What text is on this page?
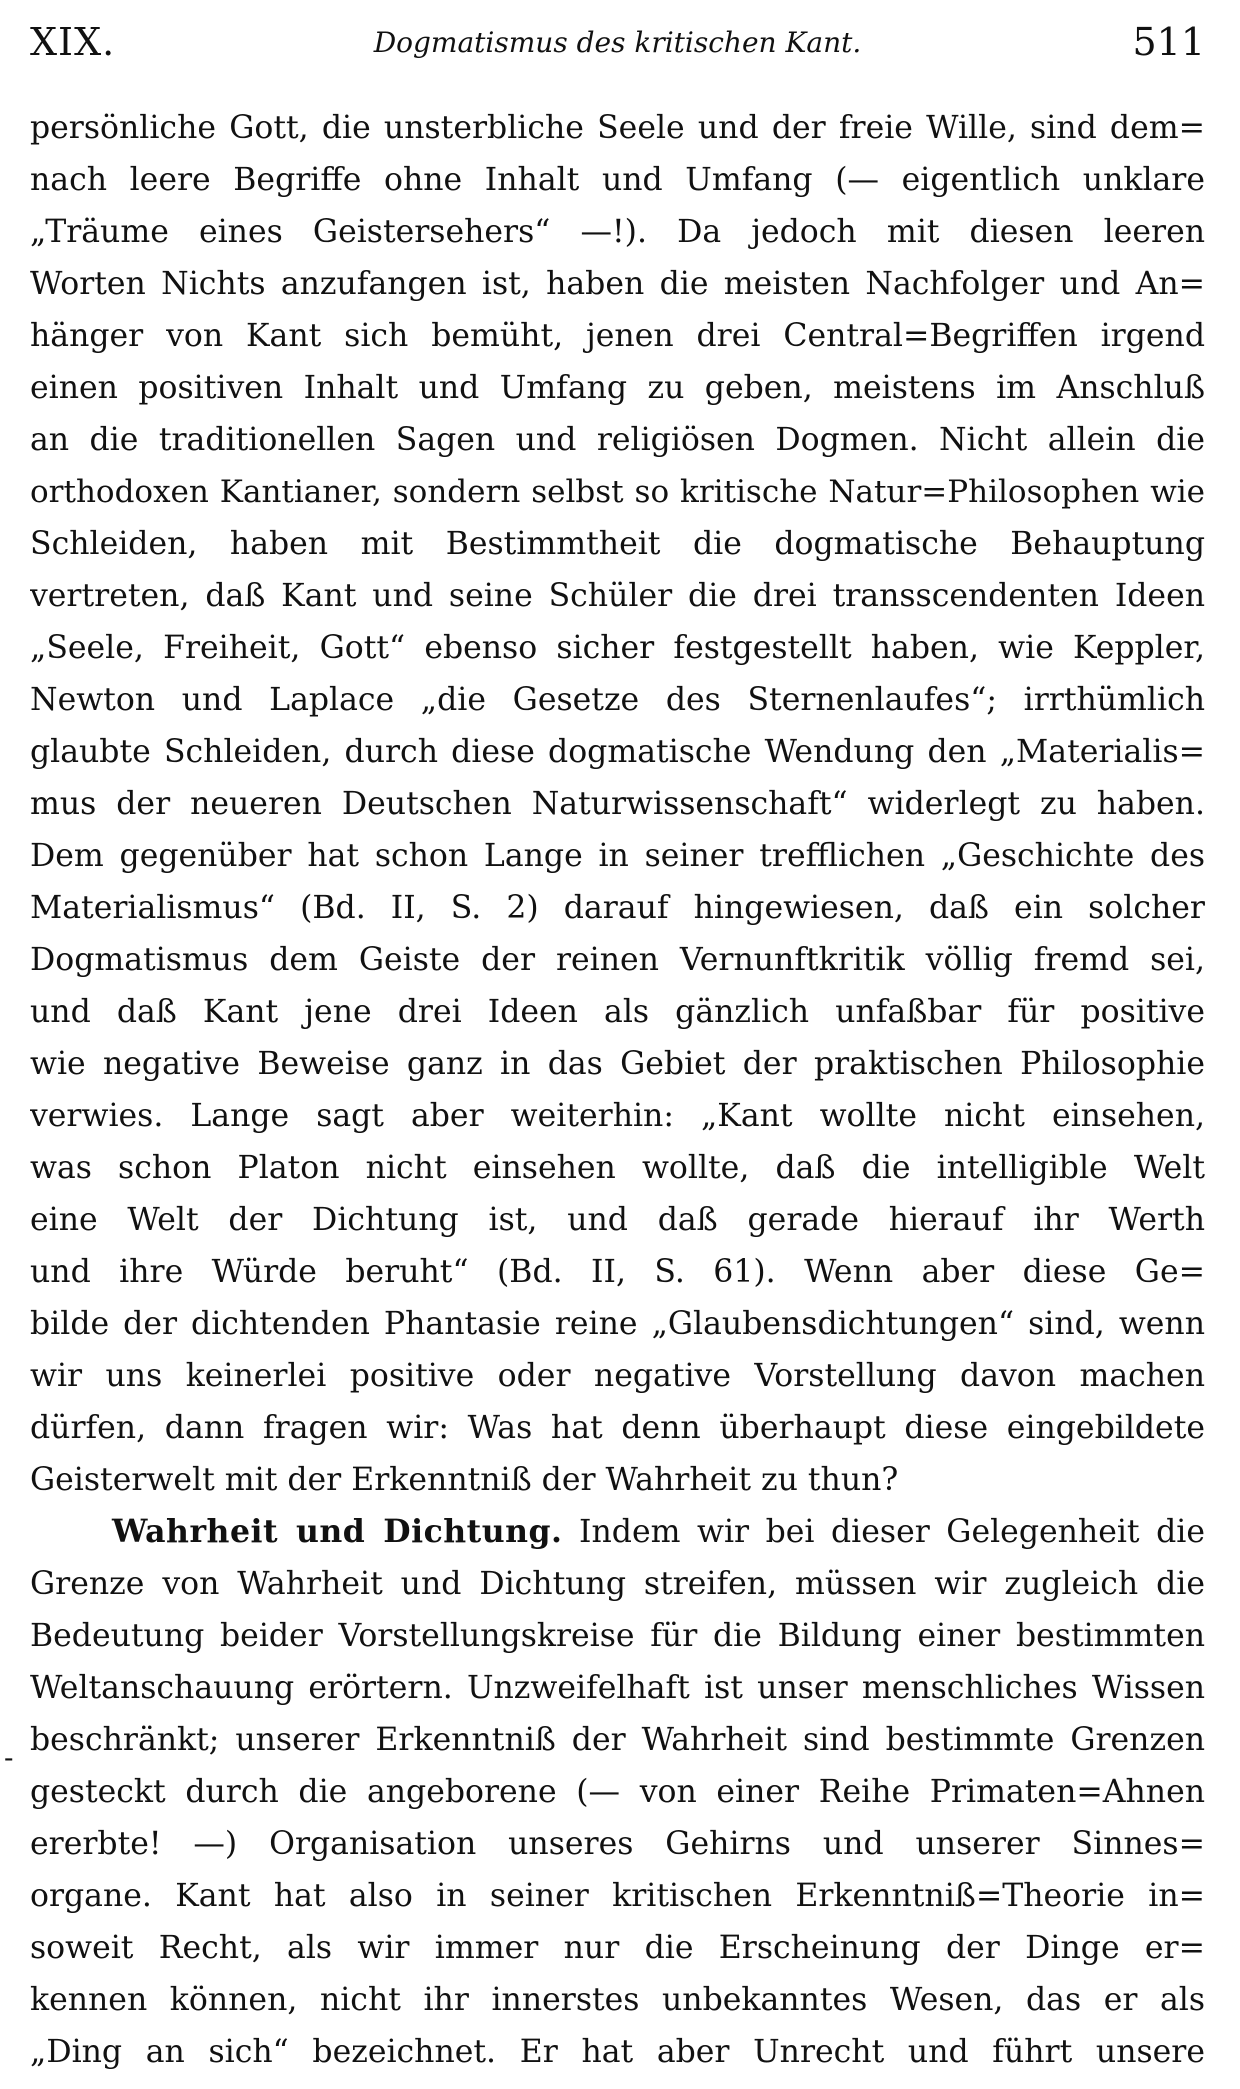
XIX.	Dogmatismus des kritischen Kant.	511
-
persönliche Gott, die unsterbliche Seele und der freie Wille, sind dem=
nach leere Begriffe ohne Inhalt und Umfang (— eigentlich unklare
„Träume eines Geistersehers“ —!). Da jedoch mit diesen leeren
Worten Nichts anzufangen ist, haben die meisten Nachfolger und An=
hänger von Kant sich bemüht, jenen drei Central=Begriffen irgend
einen positiven Inhalt und Umfang zu geben, meistens im Anschluß
an die traditionellen Sagen und religiösen Dogmen. Nicht allein die
orthodoxen Kantianer, sondern selbst so kritische Natur=Philosophen wie
Schleiden, haben mit Bestimmtheit die dogmatische Behauptung
vertreten, daß Kant und seine Schüler die drei transscendenten Ideen
„Seele, Freiheit, Gott“ ebenso sicher festgestellt haben, wie Keppler,
Newton und Laplace „die Gesetze des Sternenlaufes“; irrthümlich
glaubte Schleiden, durch diese dogmatische Wendung den „Materialis=
mus der neueren Deutschen Naturwissenschaft“ widerlegt zu haben.
Dem gegenüber hat schon Lange in seiner trefflichen „Geschichte des
Materialismus“ (Bd. II, S. 2) darauf hingewiesen, daß ein solcher
Dogmatismus dem Geiste der reinen Vernunftkritik völlig fremd sei,
und daß Kant jene drei Ideen als gänzlich unfaßbar für positive
wie negative Beweise ganz in das Gebiet der praktischen Philosophie
verwies. Lange sagt aber weiterhin: „Kant wollte nicht einsehen,
was schon Platon nicht einsehen wollte, daß die intelligible Welt
eine Welt der Dichtung ist, und daß gerade hierauf ihr Werth
und ihre Würde beruht“ (Bd. II, S. 61). Wenn aber diese Ge=
bilde der dichtenden Phantasie reine „Glaubensdichtungen“ sind, wenn
wir uns keinerlei positive oder negative Vorstellung davon machen
dürfen, dann fragen wir: Was hat denn überhaupt diese eingebildete
Geisterwelt mit der Erkenntniß der Wahrheit zu thun?
Wahrheit und Dichtung. Indem wir bei dieser Gelegenheit die
Grenze von Wahrheit und Dichtung streifen, müssen wir zugleich die
Bedeutung beider Vorstellungskreise für die Bildung einer bestimmten
Weltanschauung erörtern. Unzweifelhaft ist unser menschliches Wissen
beschränkt; unserer Erkenntniß der Wahrheit sind bestimmte Grenzen
gesteckt durch die angeborene (— von einer Reihe Primaten=Ahnen
ererbte! —) Organisation unseres Gehirns und unserer Sinnes=
organe. Kant hat also in seiner kritischen Erkenntniß=Theorie in=
soweit Recht, als wir immer nur die Erscheinung der Dinge er=
kennen können, nicht ihr innerstes unbekanntes Wesen, das er als
„Ding an sich“ bezeichnet. Er hat aber Unrecht und führt unsere
